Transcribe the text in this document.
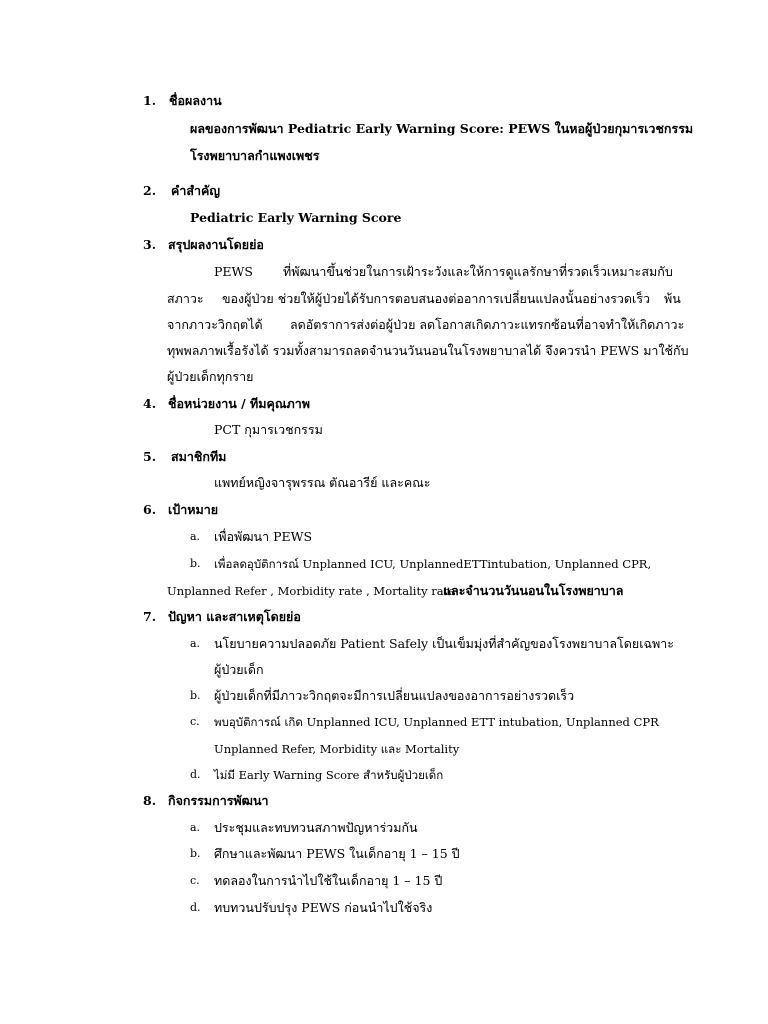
1. ชื่อผลงาน
ผลของการพัฒนา Pediatric Early Warning Score: PEWS ในหอผู้ป่วยกุมารเวชกรรม
โรงพยาบาลกำแพงเพชร
2. คำสำคัญ
Pediatric Early Warning Score
3. สรุปผลงานโดยย่อ
PEWS ที่พัฒนาขึ้นช่วยในการเฝ้าระวังและให้การดูแลรักษาที่รวดเร็วเหมาะสมกับ
สภาวะ ของผู้ป่วย ช่วยให้ผู้ป่วยได้รับการตอบสนองต่ออาการเปลี่ยนแปลงนั้นอย่างรวดเร็ว พ้น
จากภาวะวิกฤตได้ ลดอัตราการส่งต่อผู้ป่วย ลดโอกาสเกิดภาวะแทรกซ้อนที่อาจทำให้เกิดภาวะ
ทุพพลภาพเรื้อรังได้ รวมทั้งสามารถลดจำนวนวันนอนในโรงพยาบาลได้ จึงควรนำ PEWS มาใช้กับ
ผู้ป่วยเด็กทุกราย
4. ชื่อหน่วยงาน / ทีมคุณภาพ
PCT กุมารเวชกรรม
5. สมาชิกทีม
แพทย์หญิงจารุพรรณ ตัณอารีย์ และคณะ
6. เป้าหมาย
a. เพื่อพัฒนา PEWS
b. เพื่อลดอุบัติการณ์ Unplanned ICU, UnplannedETTintubation, Unplanned CPR,
Unplanned Refer , Morbidity rate , Mortality rate
และจำนวนวันนอนในโรงพยาบาล
7. ปัญหา และสาเหตุโดยย่อ
a. นโยบายความปลอดภัย Patient Safely เป็นเข็มมุ่งที่สำคัญของโรงพยาบาลโดยเฉพาะ
ผู้ป่วยเด็ก
b. ผู้ป่วยเด็กที่มีภาวะวิกฤตจะมีการเปลี่ยนแปลงของอาการอย่างรวดเร็ว
c. พบอุบัติการณ์ เกิด Unplanned ICU, Unplanned ETT intubation, Unplanned CPR
Unplanned Refer, Morbidity และ Mortality
d. ไม่มี Early Warning Score สำหรับผู้ป่วยเด็ก
8. กิจกรรมการพัฒนา
a. ประชุมและทบทวนสภาพปัญหาร่วมกัน
b. ศึกษาและพัฒนา PEWS ในเด็กอายุ 1 – 15 ปี
c. ทดลองในการนำไปใช้ในเด็กอายุ 1 – 15 ปี
d. ทบทวนปรับปรุง PEWS ก่อนนำไปใช้จริง
